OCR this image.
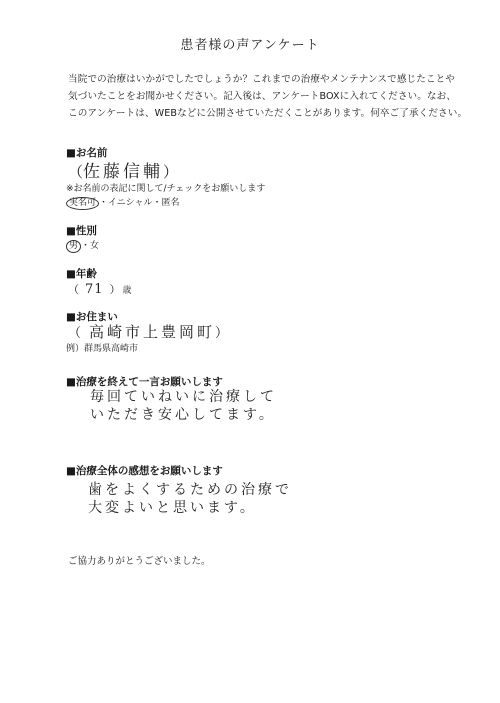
患者様の声アンケート
当院での治療はいかがでしたでしょうか？これまでの治療やメンテナンスで感じたことや
気づいたことをお聞かせください。記入後は、アンケートBOXに入れてください。なお、
このアンケートは、WEBなどに公開させていただくことがあります。何卒ご了承ください。
■お名前
（佐藤信輔）
※お名前の表記に関して/チェックをお願いします
実名可 ・イニシャル・匿名
■性別
男 ・女
■年齢
（ 71 ） 歳
■お住まい
（ 高崎市上豊岡町）
例）群馬県高崎市
■治療を終えて一言お願いします
毎回ていねいに治療して
いただき安心してます。
■治療全体の感想をお願いします
歯をよくするための治療で
大変よいと思います。
ご協力ありがとうございました。
